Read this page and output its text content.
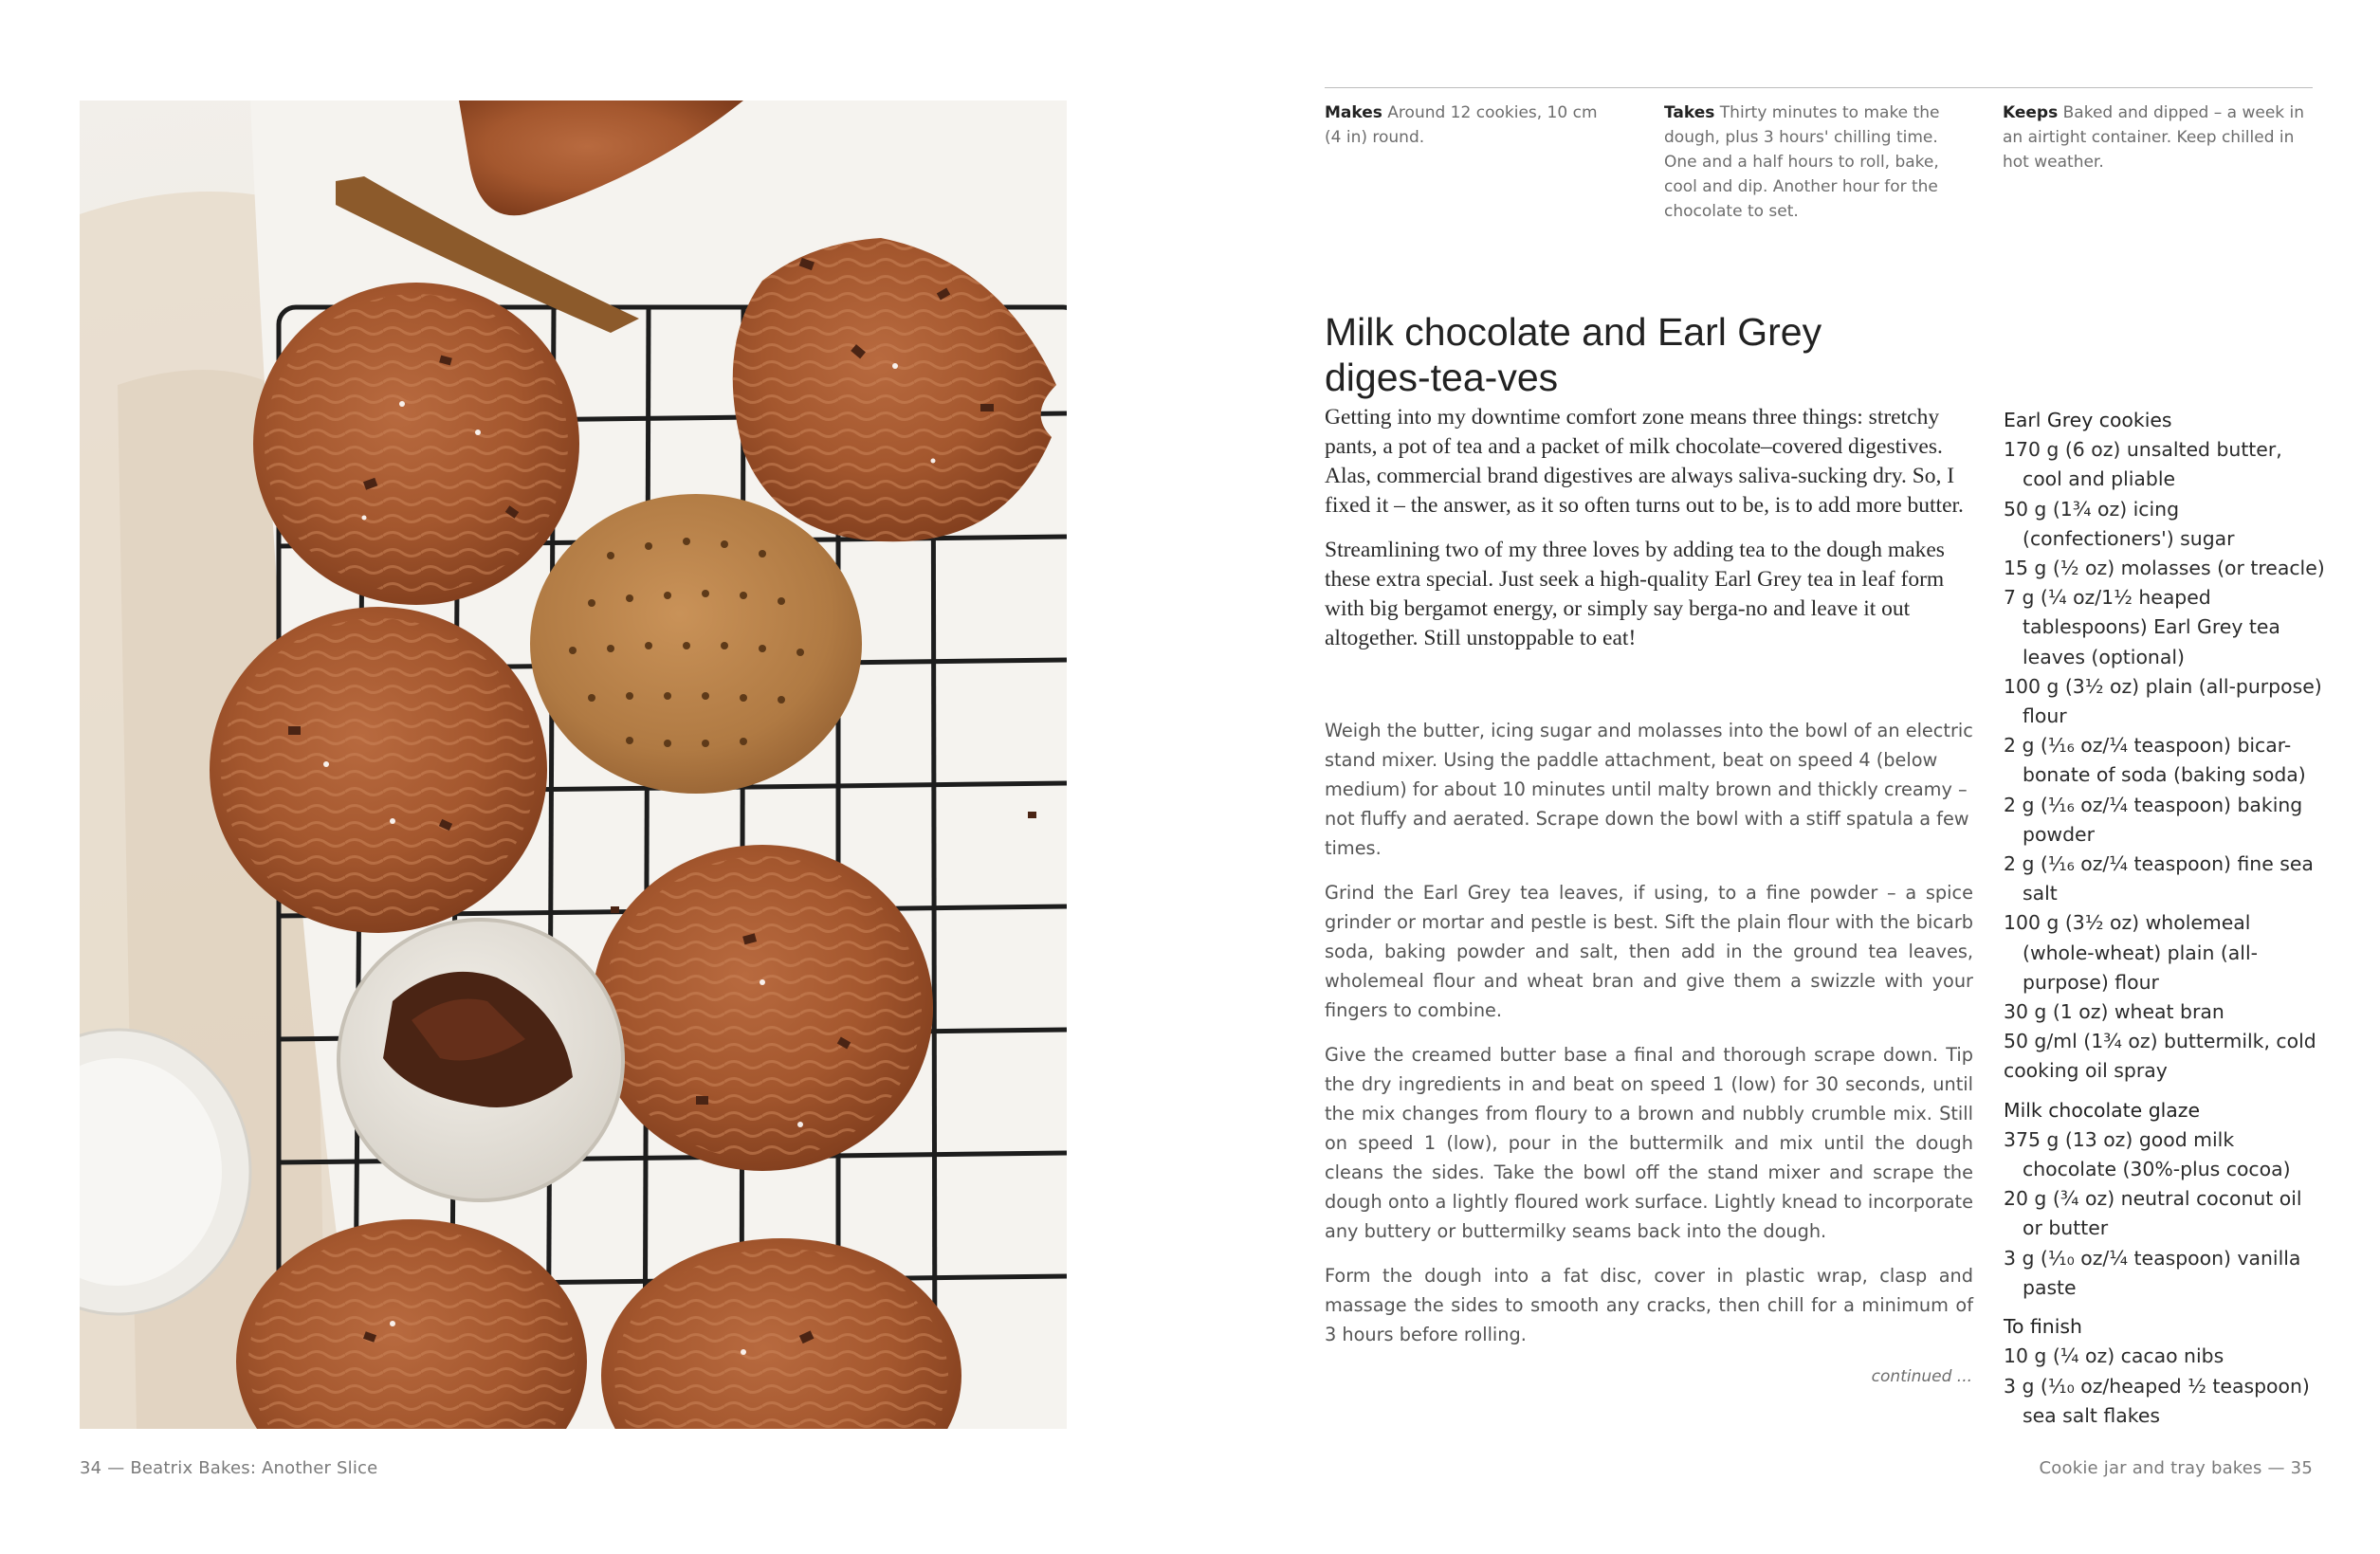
34 — Beatrix Bakes: Another Slice
Makes Around 12 cookies, 10 cm (4 in) round.
Takes Thirty minutes to make the dough, plus 3 hours' chilling time. One and a half hours to roll, bake, cool and dip. Another hour for the chocolate to set.
Keeps Baked and dipped – a week in an airtight container. Keep chilled in hot weather.
Milk chocolate and Earl Grey
diges-tea-ves

Getting into my downtime comfort zone means three things: stretchy pants, a pot of tea and a packet of milk chocolate–covered digestives. Alas, commercial brand digestives are always saliva-sucking dry. So, I fixed it – the answer, as it so often turns out to be, is to add more butter.

Streamlining two of my three loves by adding tea to the dough makes these extra special. Just seek a high-quality Earl Grey tea in leaf form with big bergamot energy, or simply say berga-no and leave it out altogether. Still unstoppable to eat!

Weigh the butter, icing sugar and molasses into the bowl of an electric stand mixer. Using the paddle attachment, beat on speed 4 (below medium) for about 10 minutes until malty brown and thickly creamy – not fluffy and aerated. Scrape down the bowl with a stiff spatula a few times.

Grind the Earl Grey tea leaves, if using, to a fine powder – a spice grinder or mortar and pestle is best. Sift the plain flour with the bicarb soda, baking powder and salt, then add in the ground tea leaves, wholemeal flour and wheat bran and give them a swizzle with your fingers to combine.

Give the creamed butter base a final and thorough scrape down. Tip the dry ingredients in and beat on speed 1 (low) for 30 seconds, until the mix changes from floury to a brown and nubbly crumble mix. Still on speed 1 (low), pour in the buttermilk and mix until the dough cleans the sides. Take the bowl off the stand mixer and scrape the dough onto a lightly floured work surface. Lightly knead to incorporate any buttery or buttermilky seams back into the dough.

Form the dough into a fat disc, cover in plastic wrap, clasp and massage the sides to smooth any cracks, then chill for a minimum of 3 hours before rolling.

continued ...
Earl Grey cookies
170 g (6 oz) unsalted butter, cool and pliable
50 g (1¾ oz) icing (confectioners') sugar
15 g (½ oz) molasses (or treacle)
7 g (¼ oz/1½ heaped tablespoons) Earl Grey tea leaves (optional)
100 g (3½ oz) plain (all-purpose) flour
2 g (¹⁄₁₆ oz/¼ teaspoon) bicar-bonate of soda (baking soda)
2 g (¹⁄₁₆ oz/¼ teaspoon) baking powder
2 g (¹⁄₁₆ oz/¼ teaspoon) fine sea salt
100 g (3½ oz) wholemeal (whole-wheat) plain (all-purpose) flour
30 g (1 oz) wheat bran
50 g/ml (1¾ oz) buttermilk, cold
cooking oil spray
Milk chocolate glaze
375 g (13 oz) good milk chocolate (30%-plus cocoa)
20 g (¾ oz) neutral coconut oil or butter
3 g (¹⁄₁₀ oz/¼ teaspoon) vanilla paste
To finish
10 g (¼ oz) cacao nibs
3 g (¹⁄₁₀ oz/heaped ½ teaspoon) sea salt flakes
Cookie jar and tray bakes — 35
